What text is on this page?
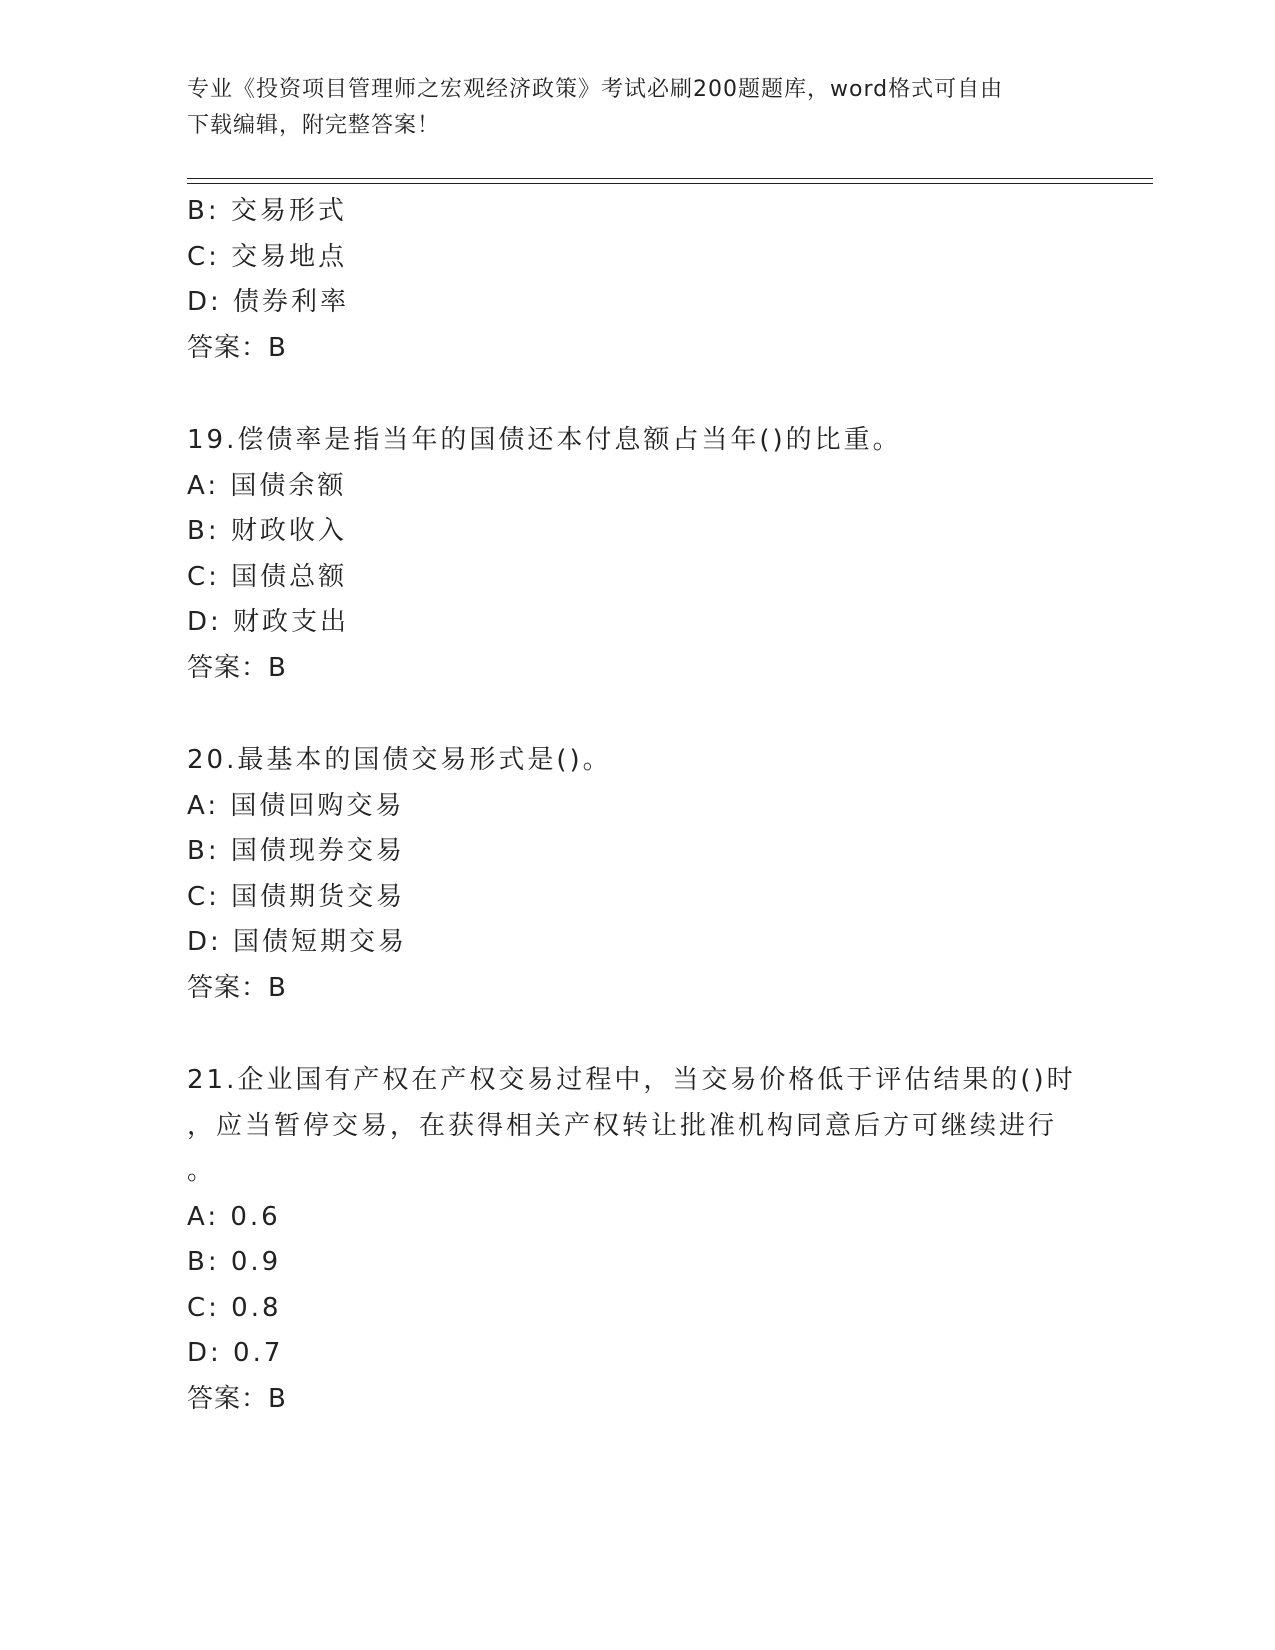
专业《投资项目管理师之宏观经济政策》考试必刷200题题库，word格式可自由
下载编辑，附完整答案！
B: 交易形式
C: 交易地点
D: 债券利率
答案：B
19.偿债率是指当年的国债还本付息额占当年()的比重。
A: 国债余额
B: 财政收入
C: 国债总额
D: 财政支出
答案：B
20.最基本的国债交易形式是()。
A: 国债回购交易
B: 国债现券交易
C: 国债期货交易
D: 国债短期交易
答案：B
21.企业国有产权在产权交易过程中，当交易价格低于评估结果的()时
，应当暂停交易，在获得相关产权转让批准机构同意后方可继续进行
。
A: 0.6
B: 0.9
C: 0.8
D: 0.7
答案：B
